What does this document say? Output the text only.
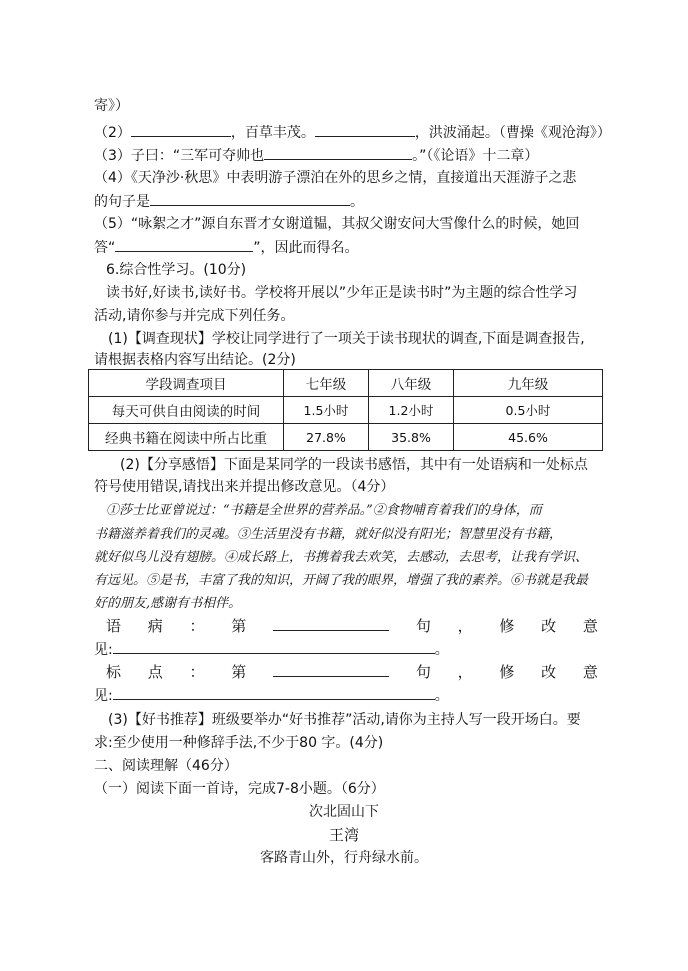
寄》）
（2）	，百草丰茂。	，洪波涌起。（曹操《观沧海》）
（3）子曰：“三军可夺帅也	。”（《论语》十二章）
（4）《天净沙·秋思》中表明游子漂泊在外的思乡之情，直接道出天涯游子之悲
的句子是	。
（5）“咏絮之才”源自东晋才女谢道韫，其叔父谢安问大雪像什么的时候，她回
答“	”，因此而得名。
6.综合性学习。(10分)
读书好,好读书,读好书。学校将开展以”少年正是读书时”为主题的综合性学习
活动,请你参与并完成下列任务。
(1)【调查现状】学校让同学进行了一项关于读书现状的调查,下面是调查报告,
请根据表格内容写出结论。(2分)
学段调查项目	七年级	八年级	九年级
每天可供自由阅读的时间	1.5小时	1.2小时	0.5小时
经典书籍在阅读中所占比重	27.8%	35.8%	45.6%
(2)【分享感悟】下面是某同学的一段读书感悟，其中有一处语病和一处标点
符号使用错误,请找出来并提出修改意见。（4分）
①莎士比亚曾说过：“书籍是全世界的营养品。”②食物哺育着我们的身体，而
书籍滋养着我们的灵魂。③生活里没有书籍，就好似没有阳光；智慧里没有书籍，
就好似鸟儿没有翅膀。④成长路上，书携着我去欢笑，去感动，去思考，让我有学识、
有远见。⑤是书，丰富了我的知识，开阔了我的眼界，增强了我的素养。⑥书就是我最
好的朋友,感谢有书相伴。
语 病 ： 第	句 ， 修 改 意
见:	。
标 点 ： 第	句 ， 修 改 意
见:	。
(3)【好书推荐】班级要举办“好书推荐”活动,请你为主持人写一段开场白。要
求:至少使用一种修辞手法,不少于80 字。(4分)
二、阅读理解（46分）
（一）阅读下面一首诗，完成7-8小题。（6分）
次北固山下
王湾
客路青山外，行舟绿水前。
